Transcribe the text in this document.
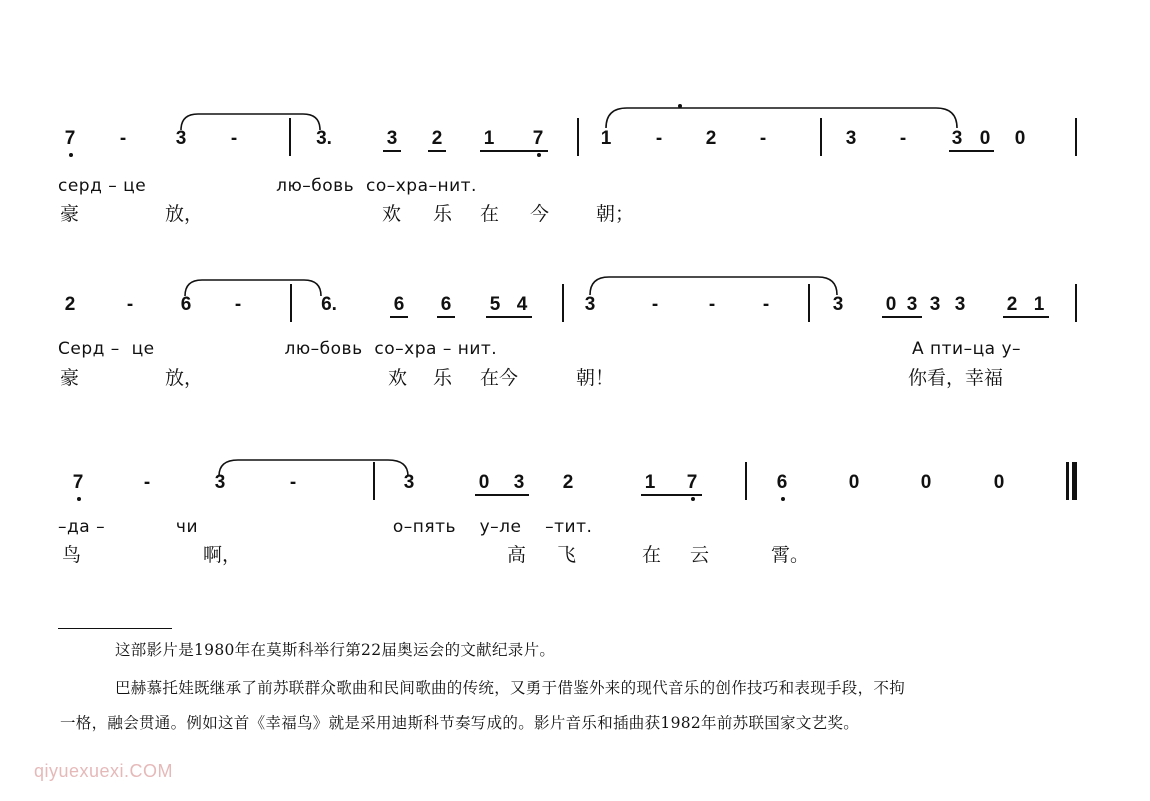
7 -	3 -	3.	3 2 1 7	1 - 2 -	3 - 3 0 0
серд – це                      лю–бовь  со–хра–нит.
豪	放，	欢 乐 在 今 朝；
2	-	6 -	6.	6 6 5 4	3	-	-	-	3 0 3 3 3 2 1
Серд –  це                      лю–бовь  со–хра – нит.	А пти–ца у–
豪	放，	欢 乐 在今	朝！	你看，幸福
7	-	3	-	3	0 3 2	1 7	6	0	0	0
–да –            чи                                 о–пять    у–ле    –тит.
鸟	啊，	高 飞	在 云	霄。
这部影片是1980年在莫斯科举行第22届奥运会的文献纪录片。
巴赫慕托娃既继承了前苏联群众歌曲和民间歌曲的传统，又勇于借鉴外来的现代音乐的创作技巧和表现手段，不拘
一格，融会贯通。例如这首《幸福鸟》就是采用迪斯科节奏写成的。影片音乐和插曲获1982年前苏联国家文艺奖。
qiyuexuexi.COM
